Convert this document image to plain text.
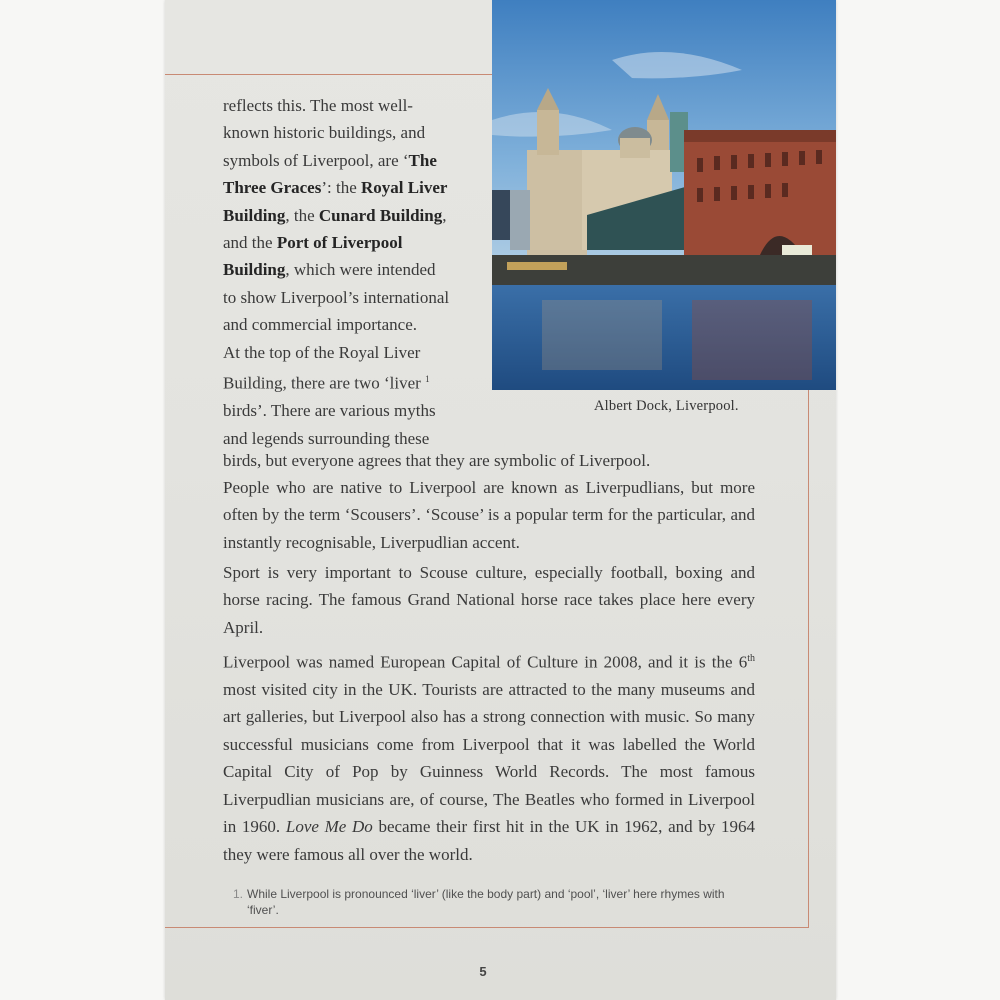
Albert Dock, Liverpool.
reflects this. The most well-
known historic buildings, and
symbols of Liverpool, are ‘The
Three Graces’: the Royal Liver
Building, the Cunard Building,
and the Port of Liverpool
Building, which were intended
to show Liverpool’s international
and commercial importance.
At the top of the Royal Liver
Building, there are two ‘liver $^1$
birds’. There are various myths
and legends surrounding these

birds, but everyone agrees that they are symbolic of Liverpool.

People who are native to Liverpool are known as Liverpudlians, but more often by the term ‘Scousers’. ‘Scouse’ is a popular term for the particular, and instantly recognisable, Liverpudlian accent.

Sport is very important to Scouse culture, especially football, boxing and horse racing. The famous Grand National horse race takes place here every April.

Liverpool was named European Capital of Culture in 2008, and it is the 6th most visited city in the UK. Tourists are attracted to the many museums and art galleries, but Liverpool also has a strong connection with music. So many successful musicians come from Liverpool that it was labelled the World Capital City of Pop by Guinness World Records. The most famous Liverpudlian musicians are, of course, The Beatles who formed in Liverpool in 1960. Love Me Do became their first hit in the UK in 1962, and by 1964 they were famous all over the world.

1. While Liverpool is pronounced ‘liver’ (like the body part) and ‘pool’, ‘liver’ here rhymes with ‘fiver’.
5
